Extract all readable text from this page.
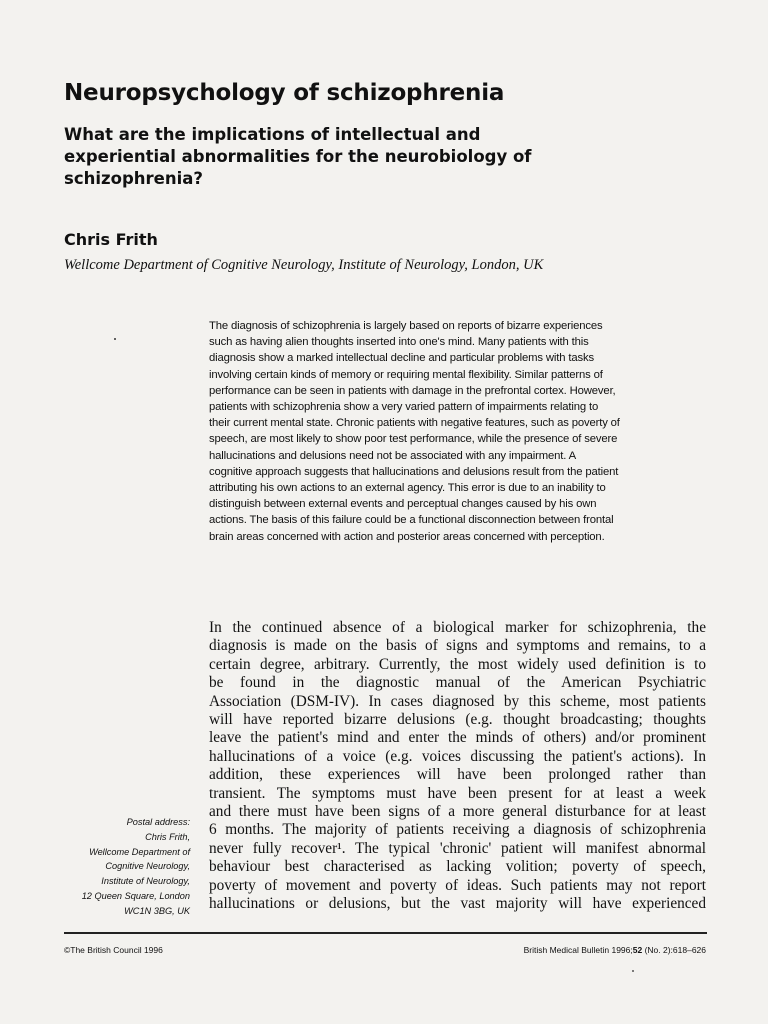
Neuropsychology of schizophrenia
What are the implications of intellectual and
experiential abnormalities for the neurobiology of
schizophrenia?

Chris Frith

Wellcome Department of Cognitive Neurology, Institute of Neurology, London, UK

The diagnosis of schizophrenia is largely based on reports of bizarre experiences
such as having alien thoughts inserted into one's mind. Many patients with this
diagnosis show a marked intellectual decline and particular problems with tasks
involving certain kinds of memory or requiring mental flexibility. Similar patterns of
performance can be seen in patients with damage in the prefrontal cortex. However,
patients with schizophrenia show a very varied pattern of impairments relating to
their current mental state. Chronic patients with negative features, such as poverty of
speech, are most likely to show poor test performance, while the presence of severe
hallucinations and delusions need not be associated with any impairment. A
cognitive approach suggests that hallucinations and delusions result from the patient
attributing his own actions to an external agency. This error is due to an inability to
distinguish between external events and perceptual changes caused by his own
actions. The basis of this failure could be a functional disconnection between frontal
brain areas concerned with action and posterior areas concerned with perception.
In the continued absence of a biological marker for schizophrenia, the
diagnosis is made on the basis of signs and symptoms and remains, to a
certain degree, arbitrary. Currently, the most widely used definition is to
be found in the diagnostic manual of the American Psychiatric
Association (DSM-IV). In cases diagnosed by this scheme, most patients
will have reported bizarre delusions (e.g. thought broadcasting; thoughts
leave the patient's mind and enter the minds of others) and/or prominent
hallucinations of a voice (e.g. voices discussing the patient's actions). In
addition, these experiences will have been prolonged rather than
transient. The symptoms must have been present for at least a week
and there must have been signs of a more general disturbance for at least
6 months. The majority of patients receiving a diagnosis of schizophrenia
never fully recover¹. The typical 'chronic' patient will manifest abnormal
behaviour best characterised as lacking volition; poverty of speech,
poverty of movement and poverty of ideas. Such patients may not report
hallucinations or delusions, but the vast majority will have experienced
Postal address:
Chris Frith,
Wellcome Department of
Cognitive Neurology,
Institute of Neurology,
12 Queen Square, London
WC1N 3BG, UK

©The British Council 1996	British Medical Bulletin 1996;52 (No. 2):618–626
